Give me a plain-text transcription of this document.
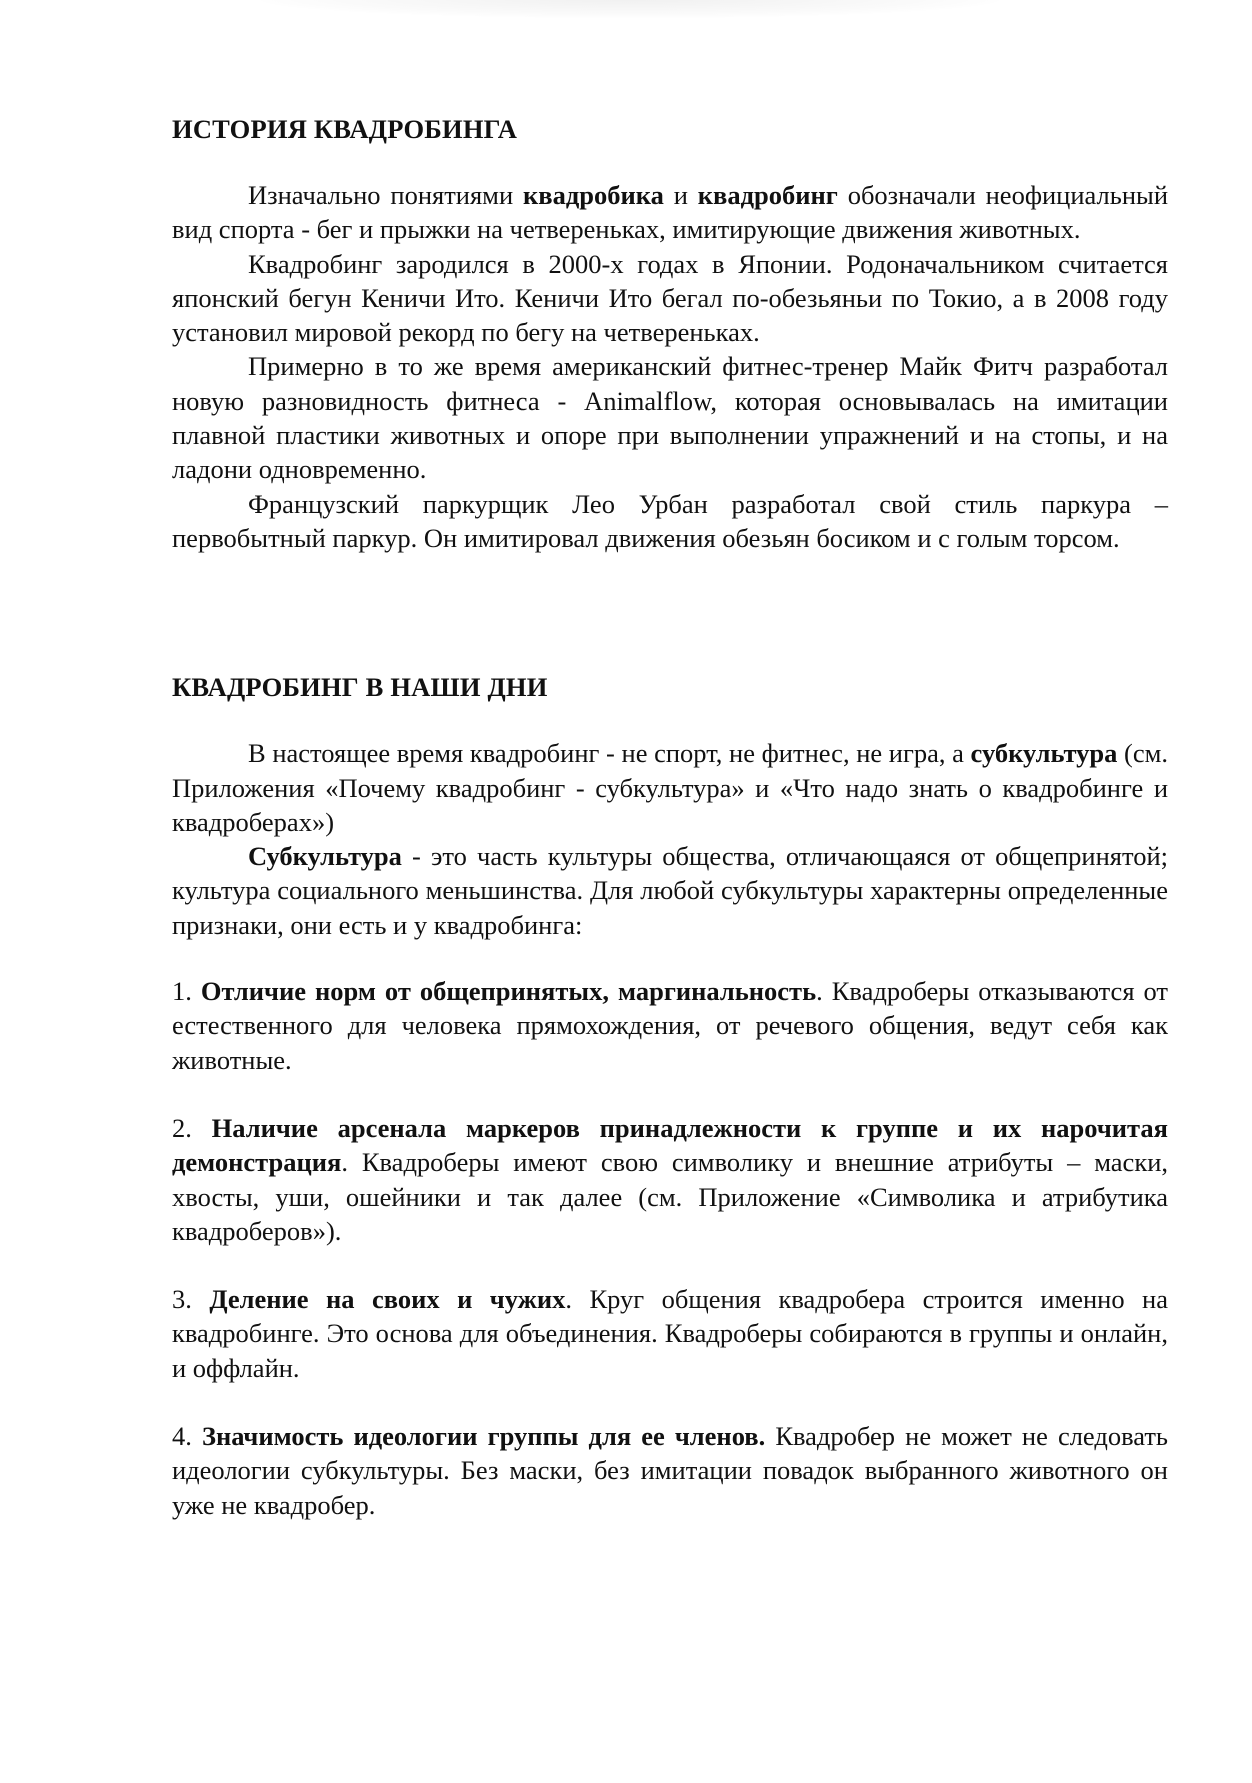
ИСТОРИЯ КВАДРОБИНГА

Изначально понятиями квадробика и квадробинг обозначали неофициальный вид спорта - бег и прыжки на четвереньках, имитирующие движения животных.

Квадробинг зародился в 2000-х годах в Японии. Родоначальником считается японский бегун Кеничи Ито. Кеничи Ито бегал по-обезьяньи по Токио, а в 2008 году установил мировой рекорд по бегу на четвереньках.

Примерно в то же время американский фитнес-тренер Майк Фитч разработал новую разновидность фитнеса - Animalflow, которая основывалась на имитации плавной пластики животных и опоре при выполнении упражнений и на стопы, и на ладони одновременно.

Французский паркурщик Лео Урбан разработал свой стиль паркура – первобытный паркур. Он имитировал движения обезьян босиком и с голым торсом.

КВАДРОБИНГ В НАШИ ДНИ

В настоящее время квадробинг - не спорт, не фитнес, не игра, а субкультура (см. Приложения «Почему квадробинг - субкультура» и «Что надо знать о квадробинге и квадроберах»)

Субкультура - это часть культуры общества, отличающаяся от общепринятой; культура социального меньшинства. Для любой субкультуры характерны определенные признаки, они есть и у квадробинга:

1. Отличие норм от общепринятых, маргинальность. Квадроберы отказываются от естественного для человека прямохождения, от речевого общения, ведут себя как животные.

2. Наличие арсенала маркеров принадлежности к группе и их нарочитая демонстрация. Квадроберы имеют свою символику и внешние атрибуты – маски, хвосты, уши, ошейники и так далее (см. Приложение «Символика и атрибутика квадроберов»).

3. Деление на своих и чужих. Круг общения квадробера строится именно на квадробинге. Это основа для объединения. Квадроберы собираются в группы и онлайн, и оффлайн.

4. Значимость идеологии группы для ее членов. Квадробер не может не следовать идеологии субкультуры. Без маски, без имитации повадок выбранного животного он уже не квадробер.
